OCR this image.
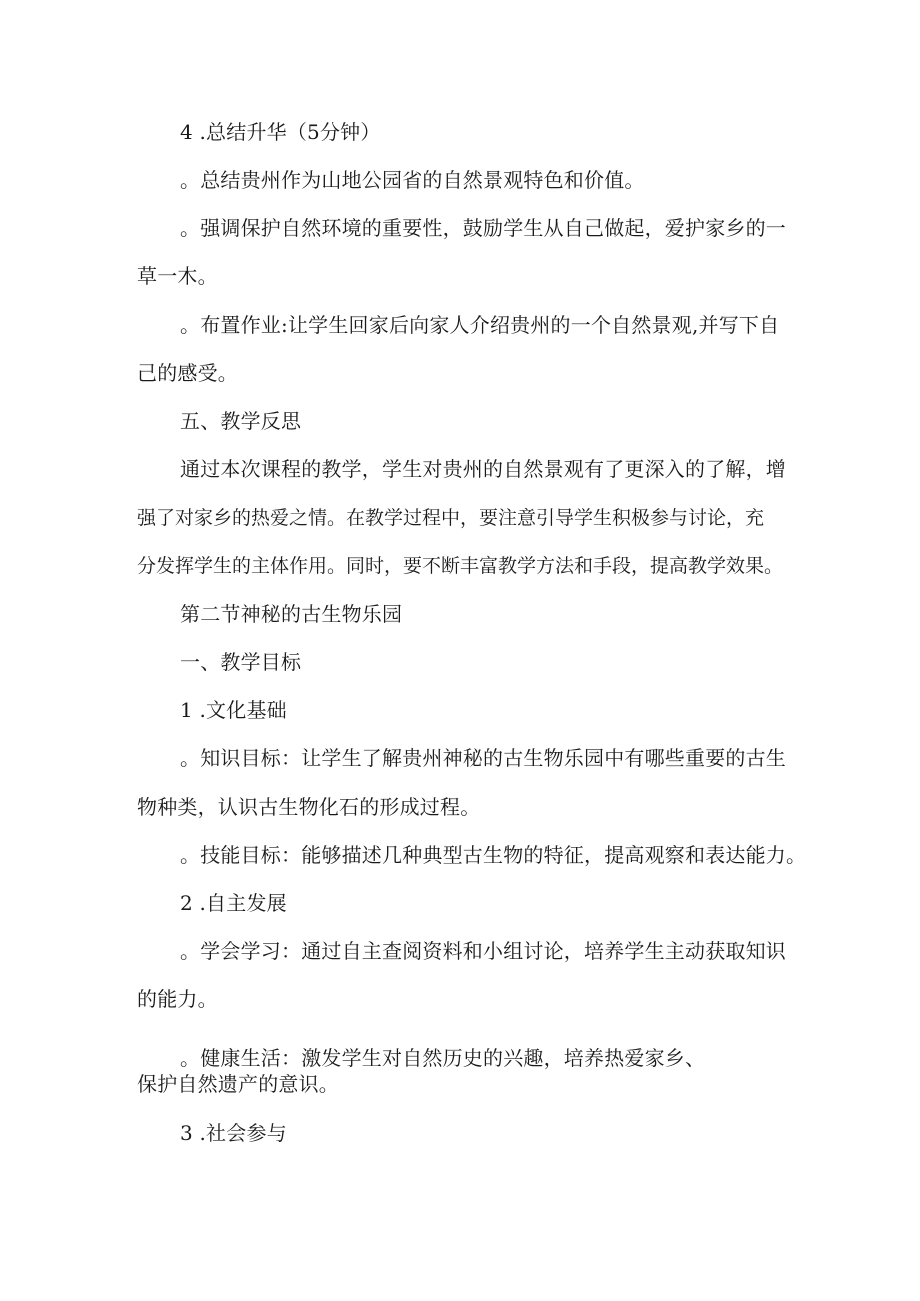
4 .总结升华（5分钟）
。总结贵州作为山地公园省的自然景观特色和价值。
。强调保护自然环境的重要性，鼓励学生从自己做起，爱护家乡的一
草一木。
。布置作业:让学生回家后向家人介绍贵州的一个自然景观,并写下自
己的感受。
五、教学反思
通过本次课程的教学，学生对贵州的自然景观有了更深入的了解，增
强了对家乡的热爱之情。在教学过程中，要注意引导学生积极参与讨论，充
分发挥学生的主体作用。同时，要不断丰富教学方法和手段，提高教学效果。
第二节神秘的古生物乐园
一、教学目标
1 .文化基础
。知识目标：让学生了解贵州神秘的古生物乐园中有哪些重要的古生
物种类，认识古生物化石的形成过程。
。技能目标：能够描述几种典型古生物的特征，提高观察和表达能力。
2 .自主发展
。学会学习：通过自主查阅资料和小组讨论，培养学生主动获取知识
的能力。
。健康生活：激发学生对自然历史的兴趣，培养热爱家乡、
保护自然遗产的意识。
3 .社会参与
